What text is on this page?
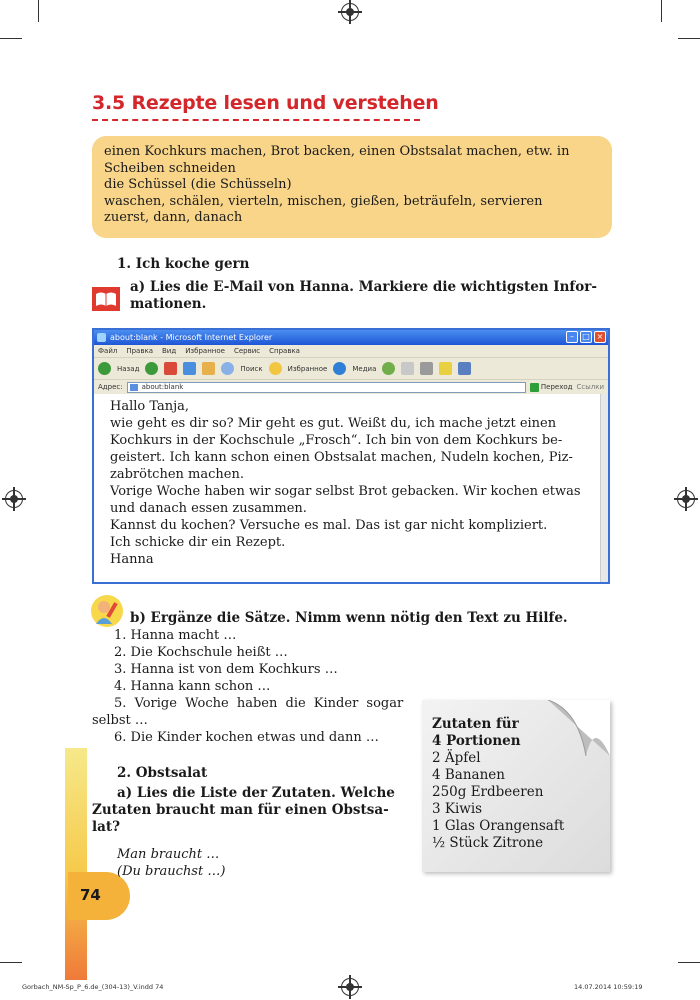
74
3.5 Rezepte lesen und verstehen
einen Kochkurs machen, Brot backen, einen Obstsalat machen, etw. in
Scheiben schneiden
die Schüssel (die Schüsseln)
waschen, schälen, vierteln, mischen, gießen, beträufeln, servieren
zuerst, dann, danach
1. Ich koche gern
a) Lies die E-Mail von Hanna. Markiere die wichtigsten Infor-
mationen.
about:blank - Microsoft Internet Explorer	–	□ ×
Файл Правка Вид Избранное Сервис Справка
Назад	Поиск	Избранное	Медиа
Адрес:	about:blank	Переход Ссылки
Hallo Tanja,
wie geht es dir so? Mir geht es gut. Weißt du, ich mache jetzt einen
Kochkurs in der Kochschule „Frosch“. Ich bin von dem Kochkurs be-
geistert. Ich kann schon einen Obstsalat machen, Nudeln kochen, Piz-
zabrötchen machen.
Vorige Woche haben wir sogar selbst Brot gebacken. Wir kochen etwas
und danach essen zusammen.
Kannst du kochen? Versuche es mal. Das ist gar nicht kompliziert.
Ich schicke dir ein Rezept.
Hanna
b) Ergänze die Sätze. Nimm wenn nötig den Text zu Hilfe.
1. Hanna macht …
2. Die Kochschule heißt …
3. Hanna ist von dem Kochkurs …
4. Hanna kann schon …
5. Vorige Woche haben die Kinder sogar
selbst …
6. Die Kinder kochen etwas und dann …
2. Obstsalat
a) Lies die Liste der Zutaten. Welche
Zutaten braucht man für einen Obstsa-
lat?
Man braucht …
(Du brauchst …)
Zutaten für
4 Portionen
2 Äpfel
4 Bananen
250g Erdbeeren
3 Kiwis
1 Glas Orangensaft
½ Stück Zitrone
Gorbach_NM-Sp_P_6.de_(304-13)_V.indd 74	14.07.2014 10:59:19
